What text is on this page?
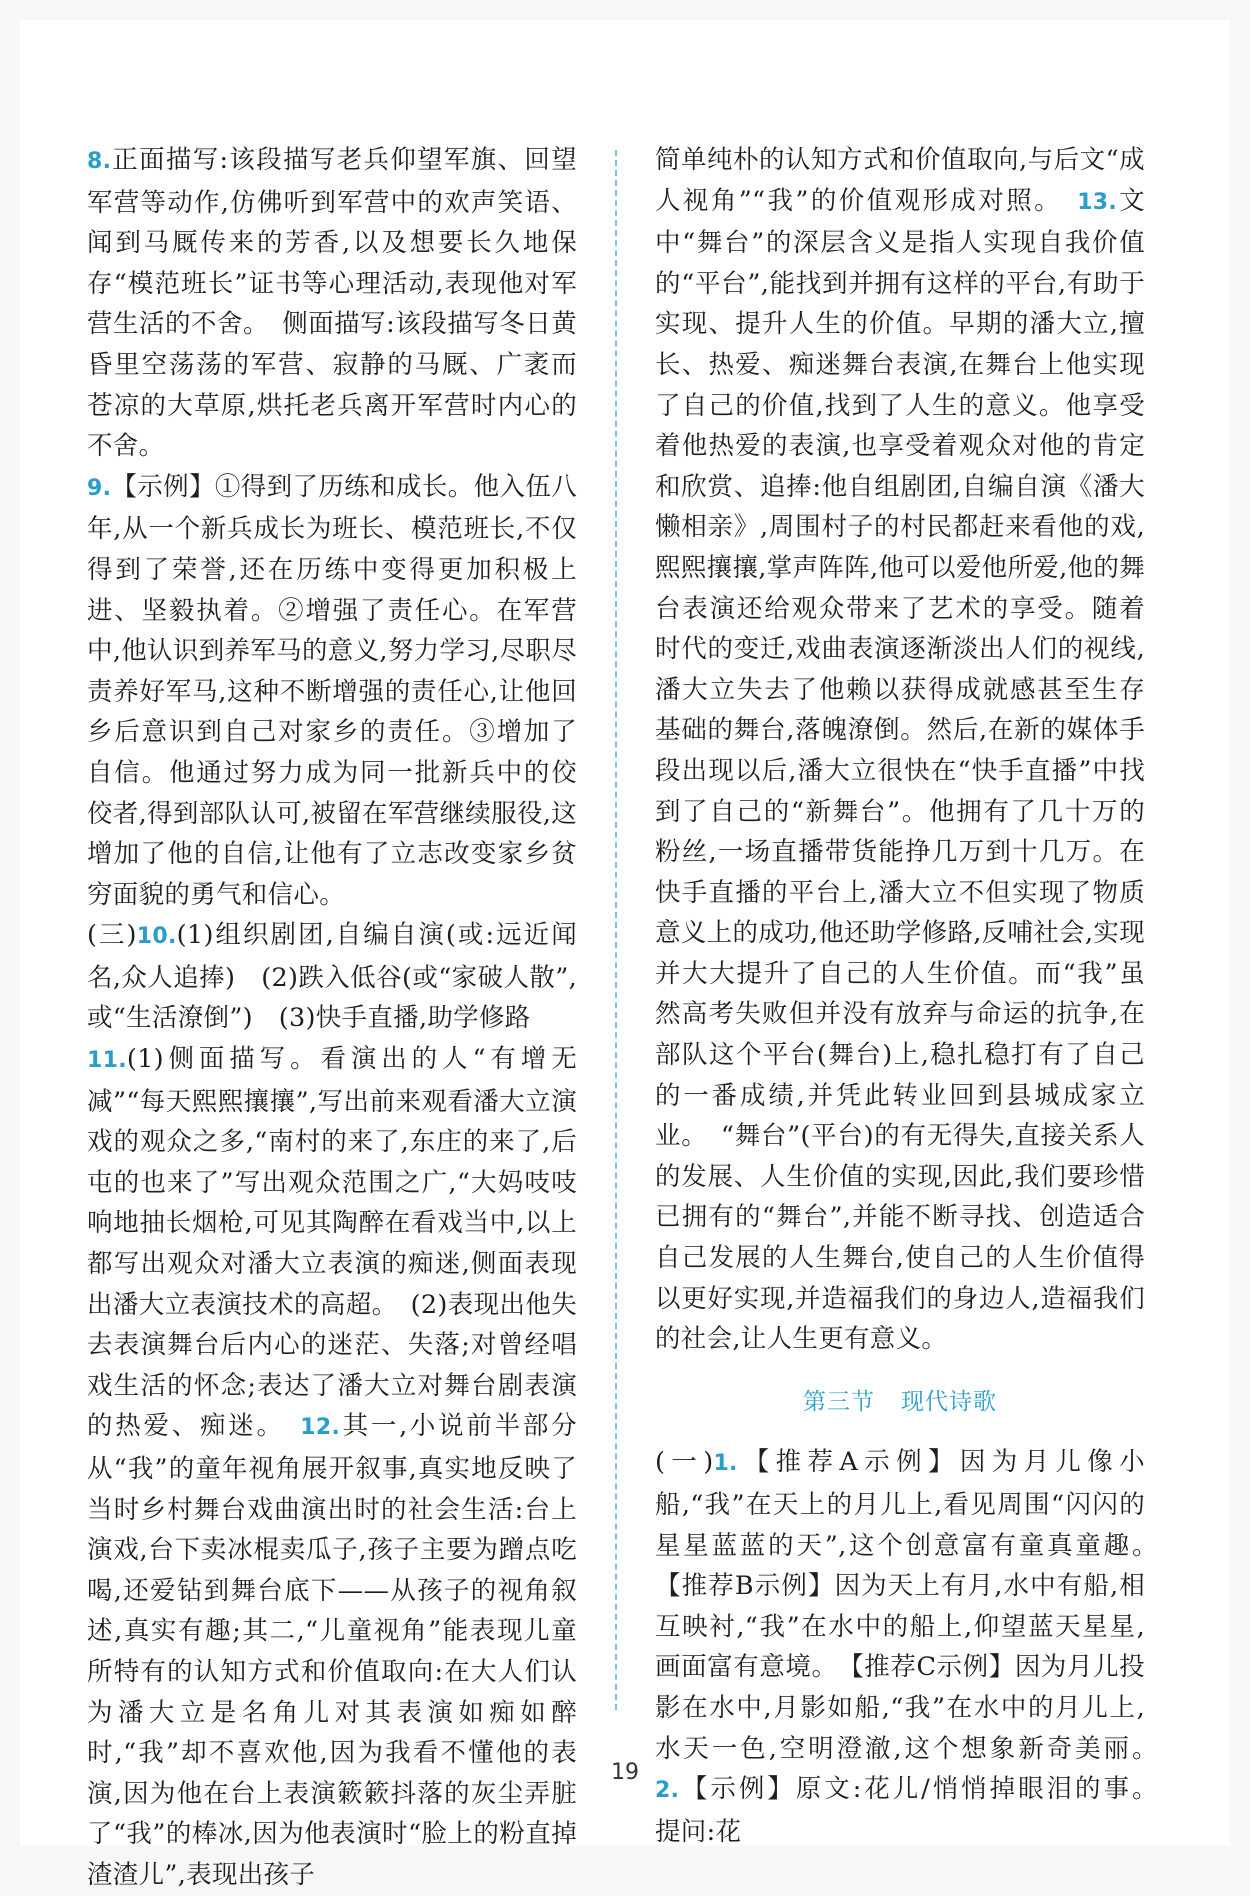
8.正面描写:该段描写老兵仰望军旗、回望军营等动作,仿佛听到军营中的欢声笑语、闻到马厩传来的芳香,以及想要长久地保存“模范班长”证书等心理活动,表现他对军营生活的不舍。　侧面描写:该段描写冬日黄昏里空荡荡的军营、寂静的马厩、广袤而苍凉的大草原,烘托老兵离开军营时内心的不舍。

9.【示例】①得到了历练和成长。他入伍八年,从一个新兵成长为班长、模范班长,不仅得到了荣誉,还在历练中变得更加积极上进、坚毅执着。②增强了责任心。在军营中,他认识到养军马的意义,努力学习,尽职尽责养好军马,这种不断增强的责任心,让他回乡后意识到自己对家乡的责任。③增加了自信。他通过努力成为同一批新兵中的佼佼者,得到部队认可,被留在军营继续服役,这增加了他的自信,让他有了立志改变家乡贫穷面貌的勇气和信心。

(三)10.(1)组织剧团,自编自演(或:远近闻名,众人追捧)　(2)跌入低谷(或“家破人散”,或“生活潦倒”)　(3)快手直播,助学修路

11.(1)侧面描写。看演出的人“有增无减”“每天熙熙攘攘”,写出前来观看潘大立演戏的观众之多,“南村的来了,东庄的来了,后屯的也来了”写出观众范围之广,“大妈吱吱响地抽长烟枪,可见其陶醉在看戏当中,以上都写出观众对潘大立表演的痴迷,侧面表现出潘大立表演技术的高超。　(2)表现出他失去表演舞台后内心的迷茫、失落;对曾经唱戏生活的怀念;表达了潘大立对舞台剧表演的热爱、痴迷。　 12.其一,小说前半部分从“我”的童年视角展开叙事,真实地反映了当时乡村舞台戏曲演出时的社会生活:台上演戏,台下卖冰棍卖瓜子,孩子主要为蹭点吃喝,还爱钻到舞台底下——从孩子的视角叙述,真实有趣;其二,“儿童视角”能表现儿童所特有的认知方式和价值取向:在大人们认为潘大立是名角儿对其表演如痴如醉时,“我”却不喜欢他,因为我看不懂他的表演,因为他在台上表演簌簌抖落的灰尘弄脏了“我”的棒冰,因为他表演时“脸上的粉直掉渣渣儿”,表现出孩子

简单纯朴的认知方式和价值取向,与后文“成人视角”“我”的价值观形成对照。　 13.文中“舞台”的深层含义是指人实现自我价值的“平台”,能找到并拥有这样的平台,有助于实现、提升人生的价值。早期的潘大立,擅长、热爱、痴迷舞台表演,在舞台上他实现了自己的价值,找到了人生的意义。他享受着他热爱的表演,也享受着观众对他的肯定和欣赏、追捧:他自组剧团,自编自演《潘大懒相亲》,周围村子的村民都赶来看他的戏,熙熙攘攘,掌声阵阵,他可以爱他所爱,他的舞台表演还给观众带来了艺术的享受。随着时代的变迁,戏曲表演逐渐淡出人们的视线,潘大立失去了他赖以获得成就感甚至生存基础的舞台,落魄潦倒。然后,在新的媒体手段出现以后,潘大立很快在“快手直播”中找到了自己的“新舞台”。他拥有了几十万的粉丝,一场直播带货能挣几万到十几万。在快手直播的平台上,潘大立不但实现了物质意义上的成功,他还助学修路,反哺社会,实现并大大提升了自己的人生价值。而“我”虽然高考失败但并没有放弃与命运的抗争,在部队这个平台(舞台)上,稳扎稳打有了自己的一番成绩,并凭此转业回到县城成家立业。　“舞台”(平台)的有无得失,直接关系人的发展、人生价值的实现,因此,我们要珍惜已拥有的“舞台”,并能不断寻找、创造适合自己发展的人生舞台,使自己的人生价值得以更好实现,并造福我们的身边人,造福我们的社会,让人生更有意义。

第三节 现代诗歌

(一)1.【推荐A示例】因为月儿像小船,“我”在天上的月儿上,看见周围“闪闪的星星蓝蓝的天”,这个创意富有童真童趣。　【推荐B示例】因为天上有月,水中有船,相互映衬,“我”在水中的船上,仰望蓝天星星,画面富有意境。　 【推荐C示例】因为月儿投影在水中,月影如船,“我”在水中的月儿上,水天一色,空明澄澈,这个想象新奇美丽。　2.【示例】原文:花儿/悄悄掉眼泪的事。　提问:花

19
